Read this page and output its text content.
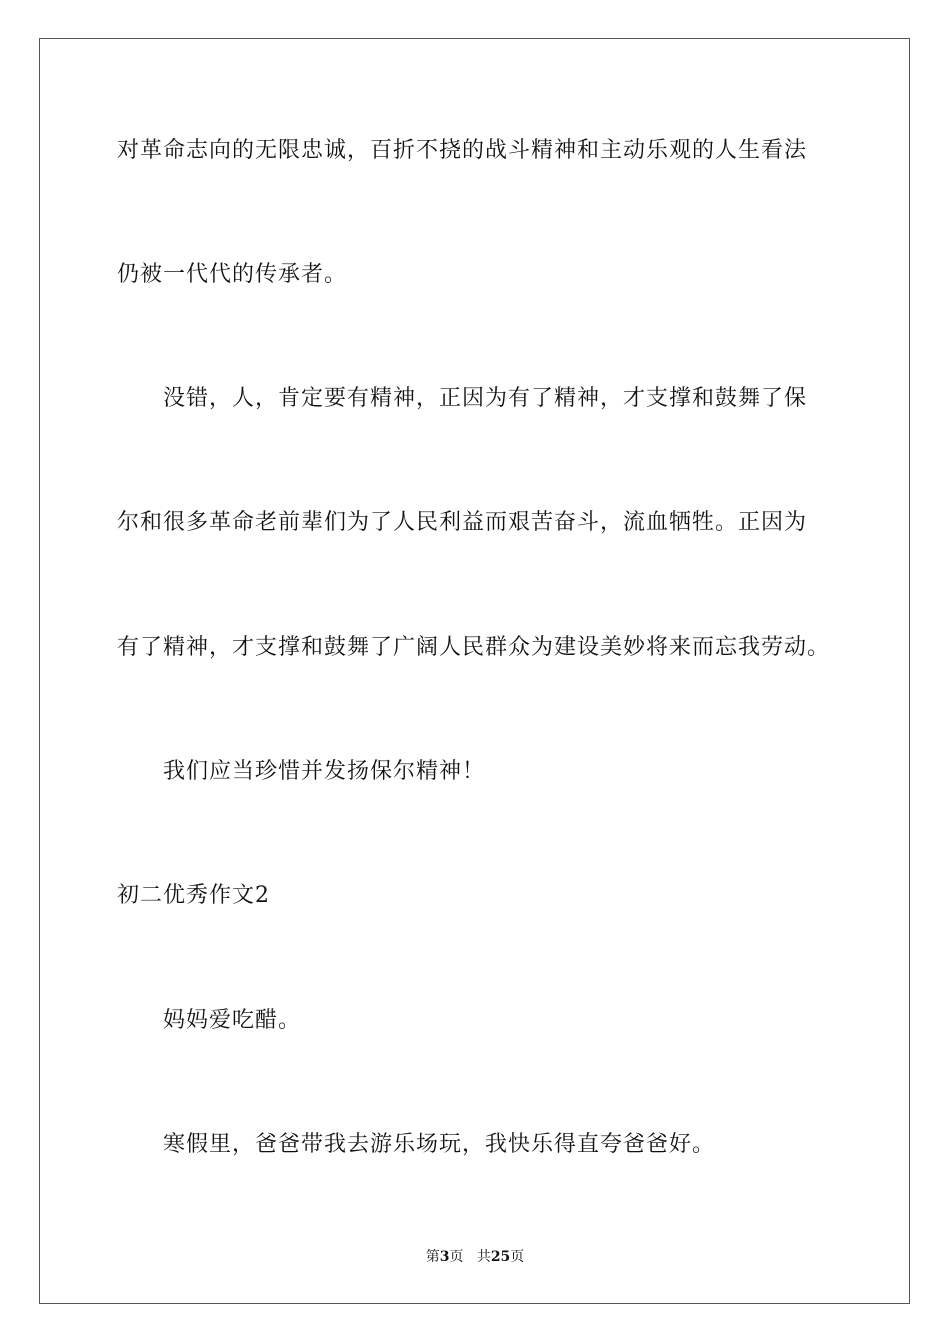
对革命志向的无限忠诚，百折不挠的战斗精神和主动乐观的人生看法
仍被一代代的传承者。
没错，人，肯定要有精神，正因为有了精神，才支撑和鼓舞了保
尔和很多革命老前辈们为了人民利益而艰苦奋斗，流血牺牲。正因为
有了精神，才支撑和鼓舞了广阔人民群众为建设美妙将来而忘我劳动。
我们应当珍惜并发扬保尔精神！
初二优秀作文2
妈妈爱吃醋。
寒假里，爸爸带我去游乐场玩，我快乐得直夸爸爸好。
第3页 共25页
